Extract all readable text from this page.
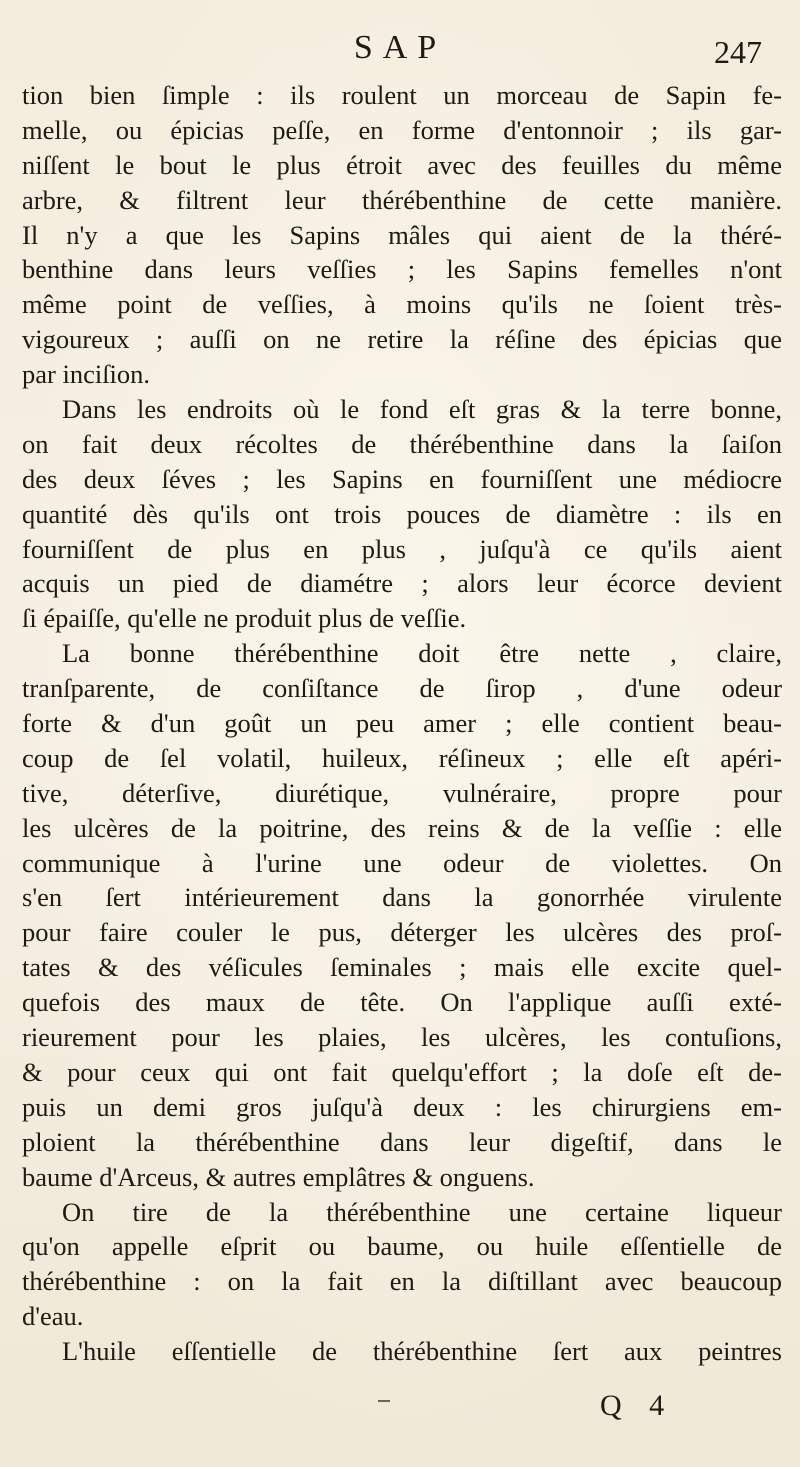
SAP	247
tion bien ſimple : ils roulent un morceau de Sapin fe-
melle, ou épicias peſſe, en forme d'entonnoir ; ils gar-
niſſent le bout le plus étroit avec des feuilles du même
arbre, & filtrent leur thérébenthine de cette manière.
Il n'y a que les Sapins mâles qui aient de la théré-
benthine dans leurs veſſies ; les Sapins femelles n'ont
même point de veſſies, à moins qu'ils ne ſoient très-
vigoureux ; auſſi on ne retire la réſine des épicias que
par inciſion.
Dans les endroits où le fond eſt gras & la terre bonne,
on fait deux récoltes de thérébenthine dans la ſaiſon
des deux ſéves ; les Sapins en fourniſſent une médiocre
quantité dès qu'ils ont trois pouces de diamètre : ils en
fourniſſent de plus en plus , juſqu'à ce qu'ils aient
acquis un pied de diamétre ; alors leur écorce devient
ſi épaiſſe, qu'elle ne produit plus de veſſie.
La bonne thérébenthine doit être nette , claire,
tranſparente, de conſiſtance de ſirop , d'une odeur
forte & d'un goût un peu amer ; elle contient beau-
coup de ſel volatil, huileux, réſineux ; elle eſt apéri-
tive, déterſive, diurétique, vulnéraire, propre pour
les ulcères de la poitrine, des reins & de la veſſie : elle
communique à l'urine une odeur de violettes. On
s'en ſert intérieurement dans la gonorrhée virulente
pour faire couler le pus, déterger les ulcères des proſ-
tates & des véſicules ſeminales ; mais elle excite quel-
quefois des maux de tête. On l'applique auſſi exté-
rieurement pour les plaies, les ulcères, les contuſions,
& pour ceux qui ont fait quelqu'effort ; la doſe eſt de-
puis un demi gros juſqu'à deux : les chirurgiens em-
ploient la thérébenthine dans leur digeſtif, dans le
baume d'Arceus, & autres emplâtres & onguens.
On tire de la thérébenthine une certaine liqueur
qu'on appelle eſprit ou baume, ou huile eſſentielle de
thérébenthine : on la fait en la diſtillant avec beaucoup
d'eau.
L'huile eſſentielle de thérébenthine ſert aux peintres
Q 4
